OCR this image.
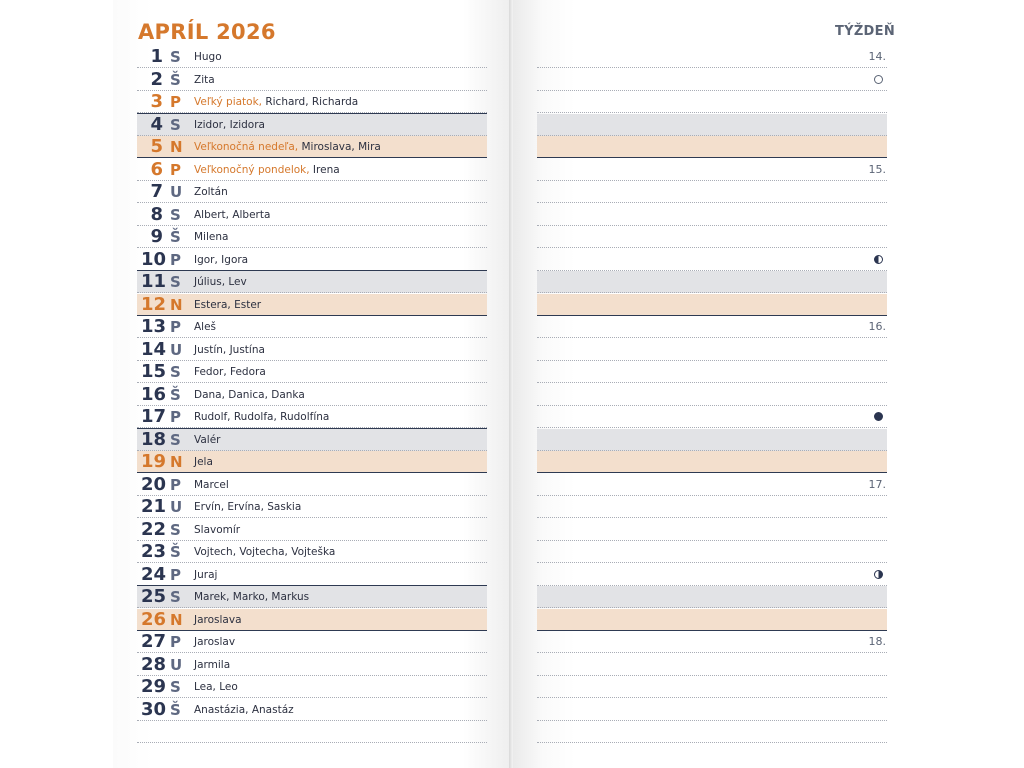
APRÍL 2026	TÝŽDEŇ
1 S Hugo
2 Š Zita
3 P Veľký piatok, Richard, Richarda
4 S Izidor, Izidora
5 N Veľkonočná nedeľa, Miroslava, Mira
6 P Veľkonočný pondelok, Irena
7 U Zoltán
8 S Albert, Alberta
9 Š Milena
10 P Igor, Igora
11 S Július, Lev
12 N Estera, Ester
13 P Aleš
14 U Justín, Justína
15 S Fedor, Fedora
16 Š Dana, Danica, Danka
17 P Rudolf, Rudolfa, Rudolfína
18 S Valér
19 N Jela
20 P Marcel
21 U Ervín, Ervína, Saskia
22 S Slavomír
23 Š Vojtech, Vojtecha, Vojteška
24 P Juraj
25 S Marek, Marko, Markus
26 N Jaroslava
27 P Jaroslav
28 U Jarmila
29 S Lea, Leo
30 Š Anastázia, Anastáz
14.
15.
16.
17.
18.
